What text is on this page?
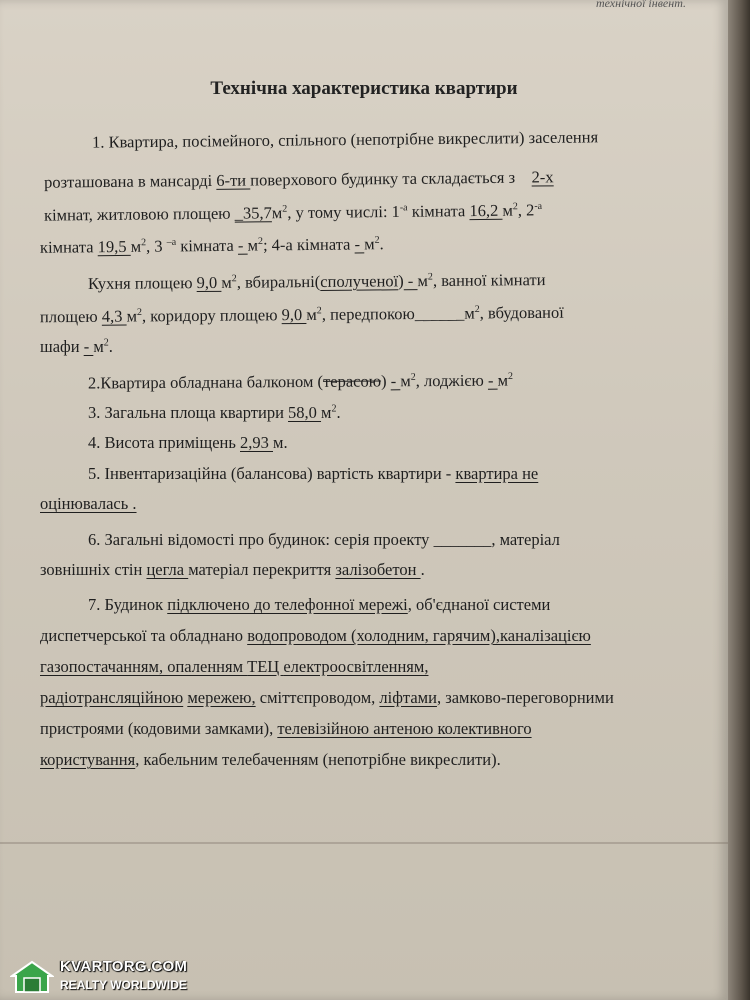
технічної інвент.
Технічна характеристика квартири
1. Квартира, посімейного, спільного (непотрібне викреслити) заселення
розташована в мансарді 6-ти поверхового будинку та складається з    2-х
кімнат, житловою площею $\_35,7м^2$, у тому числі: $1^{-а}$ кімната 16,2 $м^2$, $2^{-а}$
кімната 19,5 $м^2$, 3 $^{-а}$ кімната - $м^2$; 4-а кімната - $м^2$.
Кухня площею 9,0 $м^2$, вбиральні(сполученої) - $м^2$, ванної кімнати
площею 4,3 $м^2$, коридору площею 9,0 $м^2$, $передпокою\_\_\_\_\_\_м^2$, вбудованої
шафи - $м^2$.
2.Квартира обладнана балконом (терасою) - $м^2$, лоджією - $м^2$
3. Загальна площа квартири 58,0 $м^2$.
4. Висота приміщень 2,93 м.
5. Інвентаризаційна (балансова) вартість квартири - квартира не
оцінювалась .
6. Загальні відомості про будинок: серія проекту _______, матеріал
зовнішніх стін цегла матеріал перекриття залізобетон .
7. Будинок підключено до телефонної мережі, об'єднаної системи
диспетчерської та обладнано водопроводом (холодним, гарячим),каналізацією
газопостачанням, опаленням ТЕЦ електроосвітленням,
радіотрансляційною мережею, сміттєпроводом, ліфтами, замково-переговорними
пристроями (кодовими замками), телевізійною антеною колективного
користування, кабельним телебаченням (непотрібне викреслити).
KVARTORG.COM
REALTY WORLDWIDE
